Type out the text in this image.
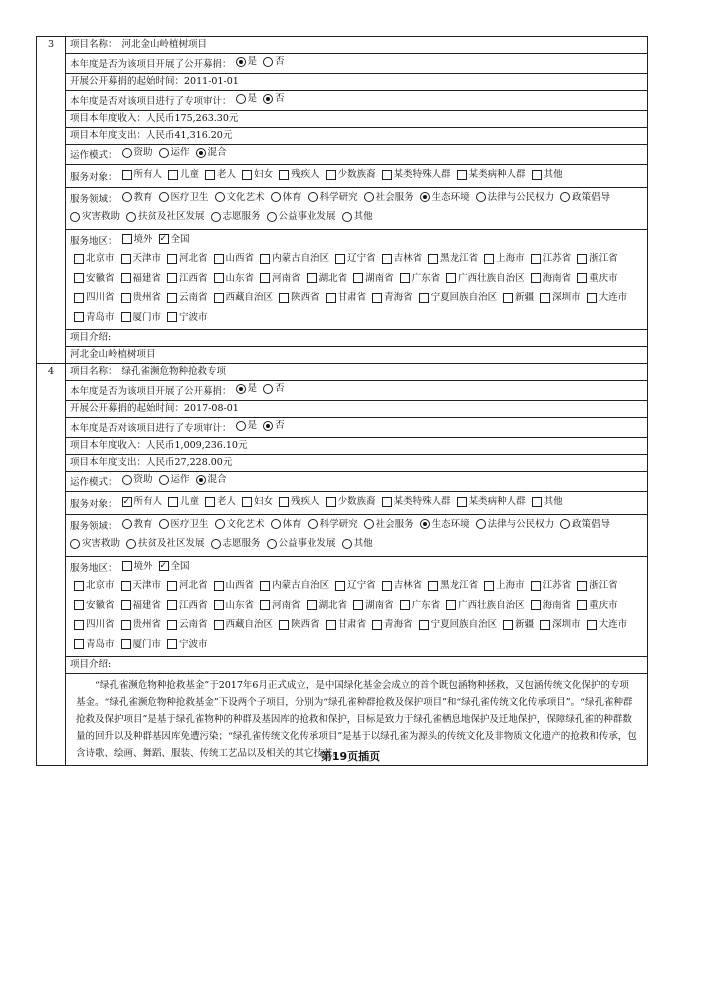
3	项目名称： 河北金山岭植树项目
本年度是否为该项目开展了公开募捐： 是 否
开展公开募捐的起始时间：2011-01-01
本年度是否对该项目进行了专项审计： 是 否
项目本年度收入：人民币175,263.30元
项目本年度支出：人民币41,316.20元
运作模式： 资助 运作 混合
服务对象： 所有人 儿童 老人 妇女 残疾人 少数族裔 某类特殊人群 某类病种人群 其他
服务领域： 教育 医疗卫生 文化艺术 体育 科学研究 社会服务 生态环境 法律与公民权力 政策倡导
灾害救助 扶贫及社区发展 志愿服务 公益事业发展 其他
服务地区： 境外 ✓ 全国
北京市 天津市 河北省 山西省 内蒙古自治区 辽宁省 吉林省 黑龙江省 上海市 江苏省 浙江省
安徽省 福建省 江西省 山东省 河南省 湖北省 湖南省 广东省 广西壮族自治区 海南省 重庆市
四川省 贵州省 云南省 西藏自治区 陕西省 甘肃省 青海省 宁夏回族自治区 新疆 深圳市 大连市
青岛市 厦门市 宁波市
项目介绍:
河北金山岭植树项目
4	项目名称： 绿孔雀濒危物种抢救专项
本年度是否为该项目开展了公开募捐： 是 否
开展公开募捐的起始时间：2017-08-01
本年度是否对该项目进行了专项审计： 是 否
项目本年度收入：人民币1,009,236.10元
项目本年度支出：人民币27,228.00元
运作模式： 资助 运作 混合
服务对象： ✓ 所有人 儿童 老人 妇女 残疾人 少数族裔 某类特殊人群 某类病种人群 其他
服务领域： 教育 医疗卫生 文化艺术 体育 科学研究 社会服务 生态环境 法律与公民权力 政策倡导
灾害救助 扶贫及社区发展 志愿服务 公益事业发展 其他
服务地区： 境外 ✓ 全国
北京市 天津市 河北省 山西省 内蒙古自治区 辽宁省 吉林省 黑龙江省 上海市 江苏省 浙江省
安徽省 福建省 江西省 山东省 河南省 湖北省 湖南省 广东省 广西壮族自治区 海南省 重庆市
四川省 贵州省 云南省 西藏自治区 陕西省 甘肃省 青海省 宁夏回族自治区 新疆 深圳市 大连市
青岛市 厦门市 宁波市
项目介绍:
“绿孔雀濒危物种抢救基金”于2017年6月正式成立，是中国绿化基金会成立的首个既包涵物种拯救，又包涵传统文化保护的专项基金。“绿孔雀濒危物种抢救基金”下设两个子项目，分别为“绿孔雀种群抢救及保护项目”和“绿孔雀传统文化传承项目”。“绿孔雀种群抢救及保护项目”是基于绿孔雀物种的种群及基因库的抢救和保护，目标是致力于绿孔雀栖息地保护及迁地保护，保障绿孔雀的种群数量的回升以及种群基因库免遭污染；“绿孔雀传统文化传承项目”是基于以绿孔雀为源头的传统文化及非物质文化遗产的抢救和传承，包含诗歌、绘画、舞蹈、服装、传统工艺品以及相关的其它技艺。
第19页插页
